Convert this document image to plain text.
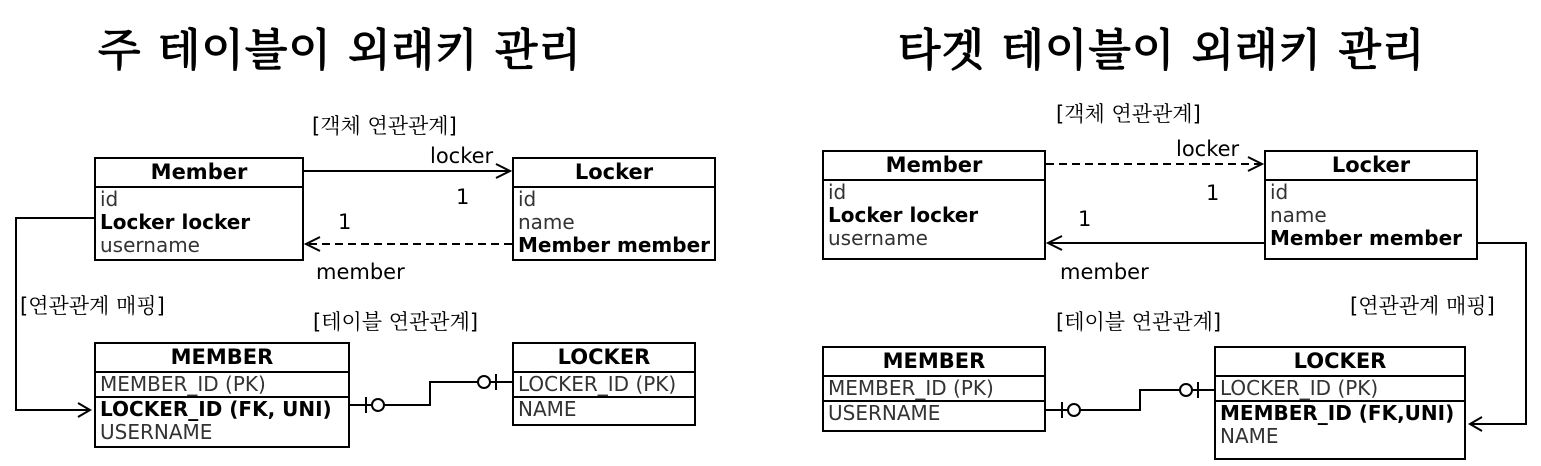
주 테이블이 외래키 관리
[객체 연관관계]
Member
id
Locker locker
username
Locker
id
name
Member member
locker
1
1
member
[연관관계 매핑]
[테이블 연관관계]
MEMBER
MEMBER_ID (PK)
LOCKER_ID (FK, UNI)
USERNAME
LOCKER
LOCKER_ID (PK)
NAME
타겟 테이블이 외래키 관리
[객체 연관관계]
Member
id
Locker locker
username
Locker
id
name
Member member
locker
1
1
member
[연관관계 매핑]
[테이블 연관관계]
MEMBER
MEMBER_ID (PK)
USERNAME
LOCKER
LOCKER_ID (PK)
MEMBER_ID (FK,UNI)
NAME
